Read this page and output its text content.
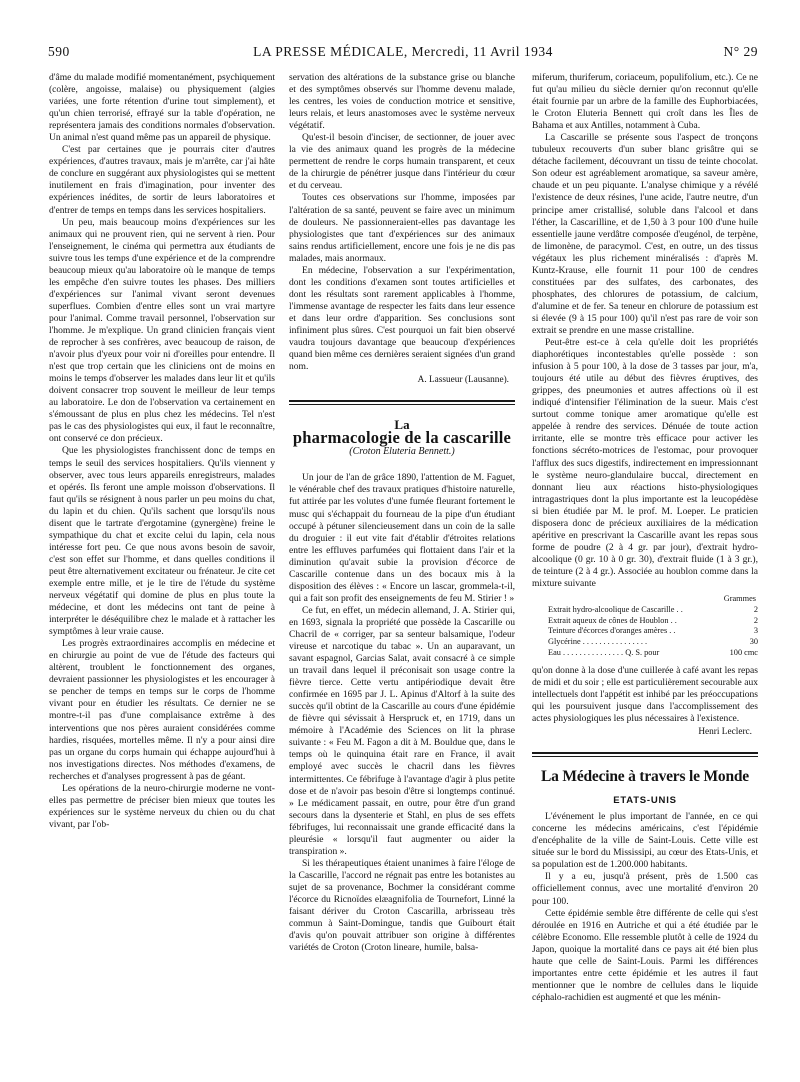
590	LA PRESSE MÉDICALE, Mercredi, 11 Avril 1934	N° 29

d'âme du malade modifié momentanément, psychiquement (colère, angoisse, malaise) ou physiquement (algies variées, une forte rétention d'urine tout simplement), et qu'un chien terrorisé, effrayé sur la table d'opération, ne représentera jamais des conditions normales d'observation. Un animal n'est quand même pas un appareil de physique.

C'est par certaines que je pourrais citer d'autres expériences, d'autres travaux, mais je m'arrête, car j'ai hâte de conclure en suggérant aux physiologistes qui se mettent inutilement en frais d'imagination, pour inventer des expériences inédites, de sortir de leurs laboratoires et d'entrer de temps en temps dans les services hospitaliers.

Un peu, mais beaucoup moins d'expériences sur les animaux qui ne prouvent rien, qui ne servent à rien. Pour l'enseignement, le cinéma qui permettra aux étudiants de suivre tous les temps d'une expérience et de la comprendre beaucoup mieux qu'au laboratoire où le manque de temps les empêche d'en suivre toutes les phases. Des milliers d'expériences sur l'animal vivant seront devenues superflues. Combien d'entre elles sont un vrai martyre pour l'animal. Comme travail personnel, l'observation sur l'homme. Je m'explique. Un grand clinicien français vient de reprocher à ses confrères, avec beaucoup de raison, de n'avoir plus d'yeux pour voir ni d'oreilles pour entendre. Il n'est que trop certain que les cliniciens ont de moins en moins le temps d'observer les malades dans leur lit et qu'ils doivent consacrer trop souvent le meilleur de leur temps au laboratoire. Le don de l'observation va certainement en s'émoussant de plus en plus chez les médecins. Tel n'est pas le cas des physiologistes qui eux, il faut le reconnaître, ont conservé ce don précieux.

Que les physiologistes franchissent donc de temps en temps le seuil des services hospitaliers. Qu'ils viennent y observer, avec tous leurs appareils enregistreurs, malades et opérés. Ils feront une ample moisson d'observations. Il faut qu'ils se résignent à nous parler un peu moins du chat, du lapin et du chien. Qu'ils sachent que lorsqu'ils nous disent que le tartrate d'ergotamine (gynergène) freine le sympathique du chat et excite celui du lapin, cela nous intéresse fort peu. Ce que nous avons besoin de savoir, c'est son effet sur l'homme, et dans quelles conditions il peut être alternativement excitateur ou frénateur. Je cite cet exemple entre mille, et je le tire de l'étude du système nerveux végétatif qui domine de plus en plus toute la médecine, et dont les médecins ont tant de peine à interpréter le déséquilibre chez le malade et à rattacher les symptômes à leur vraie cause.

Les progrès extraordinaires accomplis en médecine et en chirurgie au point de vue de l'étude des facteurs qui altèrent, troublent le fonctionnement des organes, devraient passionner les physiologistes et les encourager à se pencher de temps en temps sur le corps de l'homme vivant pour en étudier les résultats. Ce dernier ne se montre-t-il pas d'une complaisance extrême à des interventions que nos pères auraient considérées comme hardies, risquées, mortelles même. Il n'y a pour ainsi dire pas un organe du corps humain qui échappe aujourd'hui à nos investigations directes. Nos méthodes d'examens, de recherches et d'analyses progressent à pas de géant.

Les opérations de la neuro-chirurgie moderne ne vont-elles pas permettre de préciser bien mieux que toutes les expériences sur le système nerveux du chien ou du chat vivant, par l'ob-

servation des altérations de la substance grise ou blanche et des symptômes observés sur l'homme devenu malade, les centres, les voies de conduction motrice et sensitive, leurs relais, et leurs anastomoses avec le système nerveux végétatif.

Qu'est-il besoin d'inciser, de sectionner, de jouer avec la vie des animaux quand les progrès de la médecine permettent de rendre le corps humain transparent, et ceux de la chirurgie de pénétrer jusque dans l'intérieur du cœur et du cerveau.

Toutes ces observations sur l'homme, imposées par l'altération de sa santé, peuvent se faire avec un minimum de douleurs. Ne passionneraient-elles pas davantage les physiologistes que tant d'expériences sur des animaux sains rendus artificiellement, encore une fois je ne dis pas malades, mais anormaux.

En médecine, l'observation a sur l'expérimentation, dont les conditions d'examen sont toutes artificielles et dont les résultats sont rarement applicables à l'homme, l'immense avantage de respecter les faits dans leur essence et dans leur ordre d'apparition. Ses conclusions sont infiniment plus sûres. C'est pourquoi un fait bien observé vaudra toujours davantage que beaucoup d'expériences quand bien même ces dernières seraient signées d'un grand nom.

A. Lassueur (Lausanne).
La
pharmacologie de la cascarille
(Croton Eluteria Bennett.)

Un jour de l'an de grâce 1890, l'attention de M. Faguet, le vénérable chef des travaux pratiques d'histoire naturelle, fut attirée par les volutes d'une fumée fleurant fortement le musc qui s'échappait du fourneau de la pipe d'un étudiant occupé à pétuner silencieusement dans un coin de la salle du droguier : il eut vite fait d'établir d'étroites relations entre les effluves parfumées qui flottaient dans l'air et la diminution qu'avait subie la provision d'écorce de Cascarille contenue dans un des bocaux mis à la disposition des élèves : « Encore un lascar, grommela-t-il, qui a fait son profit des enseignements de feu M. Stirier ! »

Ce fut, en effet, un médecin allemand, J. A. Stirier qui, en 1693, signala la propriété que possède la Cascarille ou Chacril de « corriger, par sa senteur balsamique, l'odeur vireuse et narcotique du tabac ». Un an auparavant, un savant espagnol, Garcias Salat, avait consacré à ce simple un travail dans lequel il préconisait son usage contre la fièvre tierce. Cette vertu antipériodique devait être confirmée en 1695 par J. L. Apinus d'Altorf à la suite des succès qu'il obtint de la Cascarille au cours d'une épidémie de fièvre qui sévissait à Herspruck et, en 1719, dans un mémoire à l'Académie des Sciences on lit la phrase suivante : « Feu M. Fagon a dit à M. Bouldue que, dans le temps où le quinquina était rare en France, il avait employé avec succès le chacril dans les fièvres intermittentes. Ce fébrifuge à l'avantage d'agir à plus petite dose et de n'avoir pas besoin d'être si longtemps continué. » Le médicament passait, en outre, pour être d'un grand secours dans la dysenterie et Stahl, en plus de ses effets fébrifuges, lui reconnaissait une grande efficacité dans la pleurésie « lorsqu'il faut augmenter ou aider la transpiration ».

Si les thérapeutiques étaient unanimes à faire l'éloge de la Cascarille, l'accord ne régnait pas entre les botanistes au sujet de sa provenance, Bochmer la considérant comme l'écorce du Ricnoïdes elæagnifolia de Tournefort, Linné la faisant dériver du Croton Cascarilla, arbrisseau très commun à Saint-Domingue, tandis que Guibourt était d'avis qu'on pouvait attribuer son origine à différentes variétés de Croton (Croton lineare, humile, balsa-

miferum, thuriferum, coriaceum, populifolium, etc.). Ce ne fut qu'au milieu du siècle dernier qu'on reconnut qu'elle était fournie par un arbre de la famille des Euphorbiacées, le Croton Eluteria Bennett qui croît dans les Îles de Bahama et aux Antilles, notamment à Cuba.

La Cascarille se présente sous l'aspect de tronçons tubuleux recouverts d'un suber blanc grisâtre qui se détache facilement, découvrant un tissu de teinte chocolat. Son odeur est agréablement aromatique, sa saveur amère, chaude et un peu piquante. L'analyse chimique y a révélé l'existence de deux résines, l'une acide, l'autre neutre, d'un principe amer cristallisé, soluble dans l'alcool et dans l'éther, la Cascarilline, et de 1,50 à 3 pour 100 d'une huile essentielle jaune verdâtre composée d'eugénol, de terpène, de limonène, de paracymol. C'est, en outre, un des tissus végétaux les plus richement minéralisés : d'après M. Kuntz-Krause, elle fournit 11 pour 100 de cendres constituées par des sulfates, des carbonates, des phosphates, des chlorures de potassium, de calcium, d'alumine et de fer. Sa teneur en chlorure de potassium est si élevée (9 à 15 pour 100) qu'il n'est pas rare de voir son extrait se prendre en une masse cristalline.

Peut-être est-ce à cela qu'elle doit les propriétés diaphorétiques incontestables qu'elle possède : son infusion à 5 pour 100, à la dose de 3 tasses par jour, m'a, toujours été utile au début des fièvres éruptives, des grippes, des pneumonies et autres affections où il est indiqué d'intensifier l'élimination de la sueur. Mais c'est surtout comme tonique amer aromatique qu'elle est appelée à rendre des services. Dénuée de toute action irritante, elle se montre très efficace pour activer les fonctions sécréto-motrices de l'estomac, pour provoquer l'afflux des sucs digestifs, indirectement en impressionnant le système neuro-glandulaire buccal, directement en donnant lieu aux réactions histo-physiologiques intragastriques dont la plus importante est la leucopédèse si bien étudiée par M. le prof. M. Loeper. Le praticien disposera donc de précieux auxiliaires de la médication apéritive en prescrivant la Cascarille avant les repas sous forme de poudre (2 à 4 gr. par jour), d'extrait hydro-alcoolique (0 gr. 10 à 0 gr. 30), d'extrait fluide (1 à 3 gr.), de teinture (2 à 4 gr.). Associée au houblon comme dans la mixture suivante

Grammes
Extrait hydro-alcoolique de Cascarille . .	2
Extrait aqueux de cônes de Houblon . .	2
Teinture d'écorces d'oranges amères . .	3
Glycérine . . . . . . . . . . . . . . . .	30
Eau . . . . . . . . . . . . . . . Q. S. pour	100 cmc

qu'on donne à la dose d'une cuillerée à café avant les repas de midi et du soir ; elle est particulièrement secourable aux intellectuels dont l'appétit est inhibé par les préoccupations qui les poursuivent jusque dans l'accomplissement des actes physiologiques les plus nécessaires à l'existence.

Henri Leclerc.
La Médecine à travers le Monde
ETATS-UNIS

L'événement le plus important de l'année, en ce qui concerne les médecins américains, c'est l'épidémie d'encéphalite de la ville de Saint-Louis. Cette ville est située sur le bord du Mississipi, au cœur des Etats-Unis, et sa population est de 1.200.000 habitants.

Il y a eu, jusqu'à présent, près de 1.500 cas officiellement connus, avec une mortalité d'environ 20 pour 100.

Cette épidémie semble être différente de celle qui s'est déroulée en 1916 en Autriche et qui a été étudiée par le célèbre Economo. Elle ressemble plutôt à celle de 1924 du Japon, quoique la mortalité dans ce pays ait été bien plus haute que celle de Saint-Louis. Parmi les différences importantes entre cette épidémie et les autres il faut mentionner que le nombre de cellules dans le liquide céphalo-rachidien est augmenté et que les ménin-
